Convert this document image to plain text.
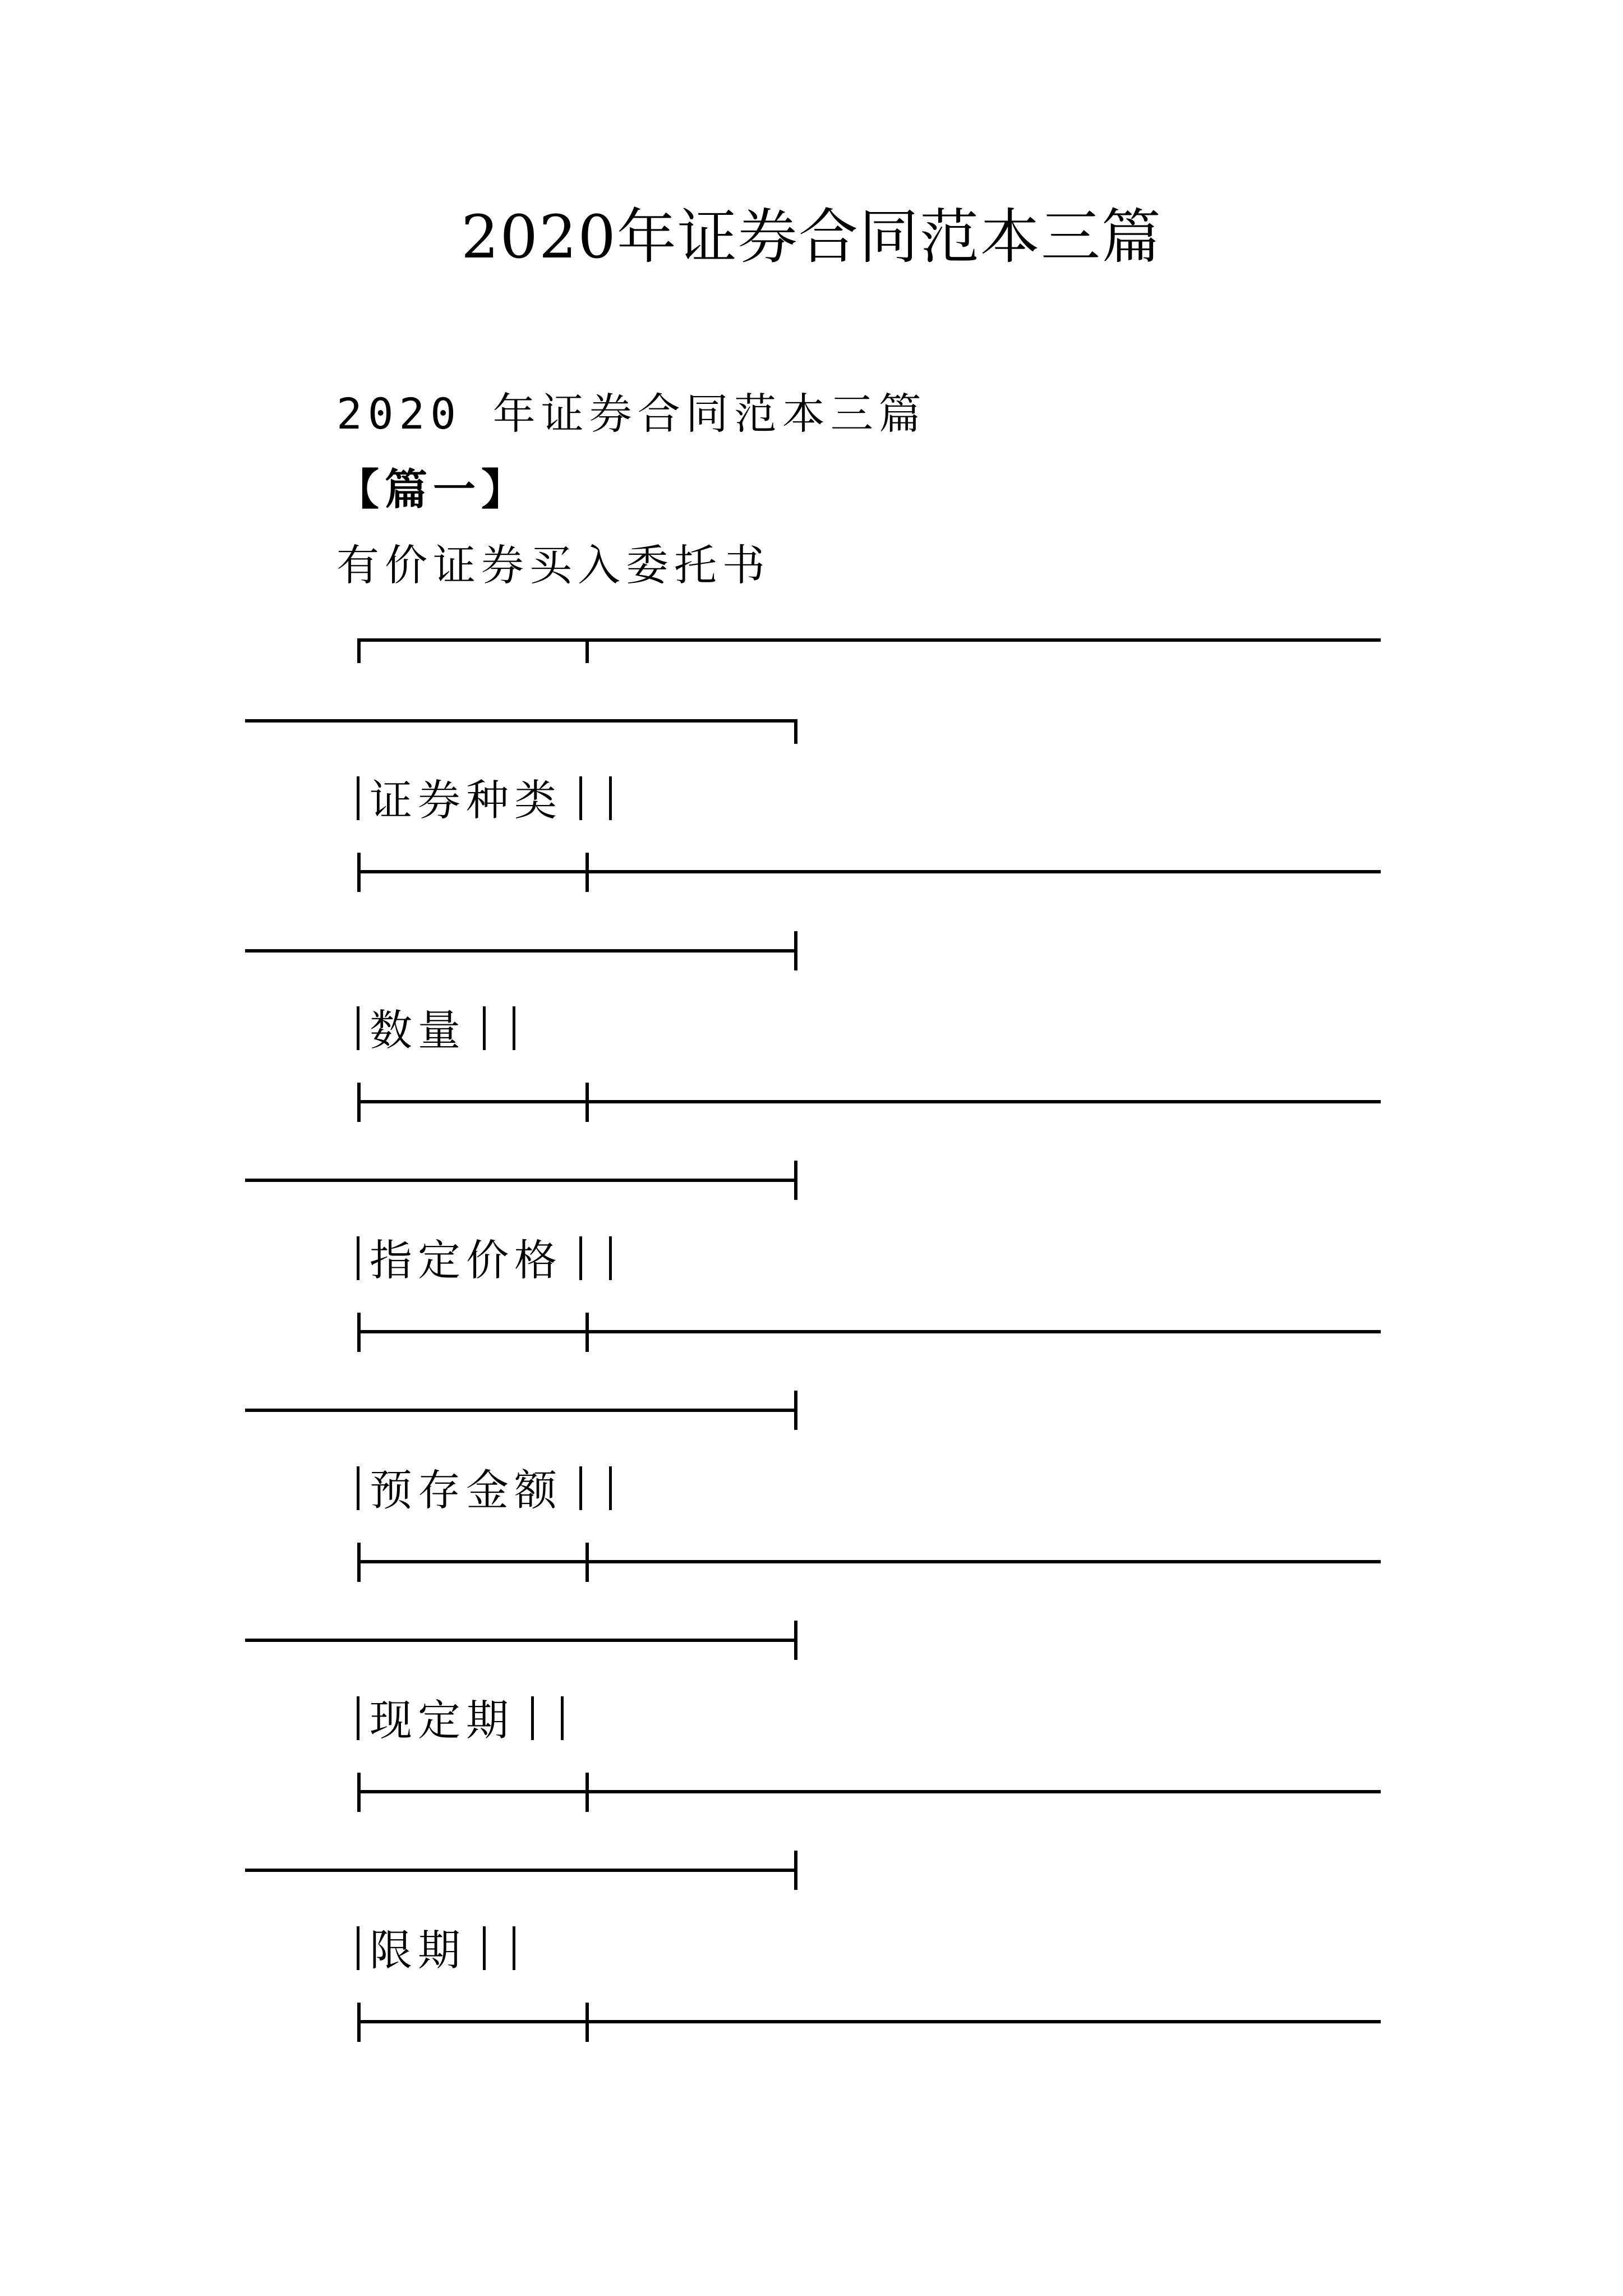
2020年证券合同范本三篇
2020 年证券合同范本三篇
【篇一】
有价证券买入委托书
证券种类
数量
指定价格
预存金额
现定期
限期
